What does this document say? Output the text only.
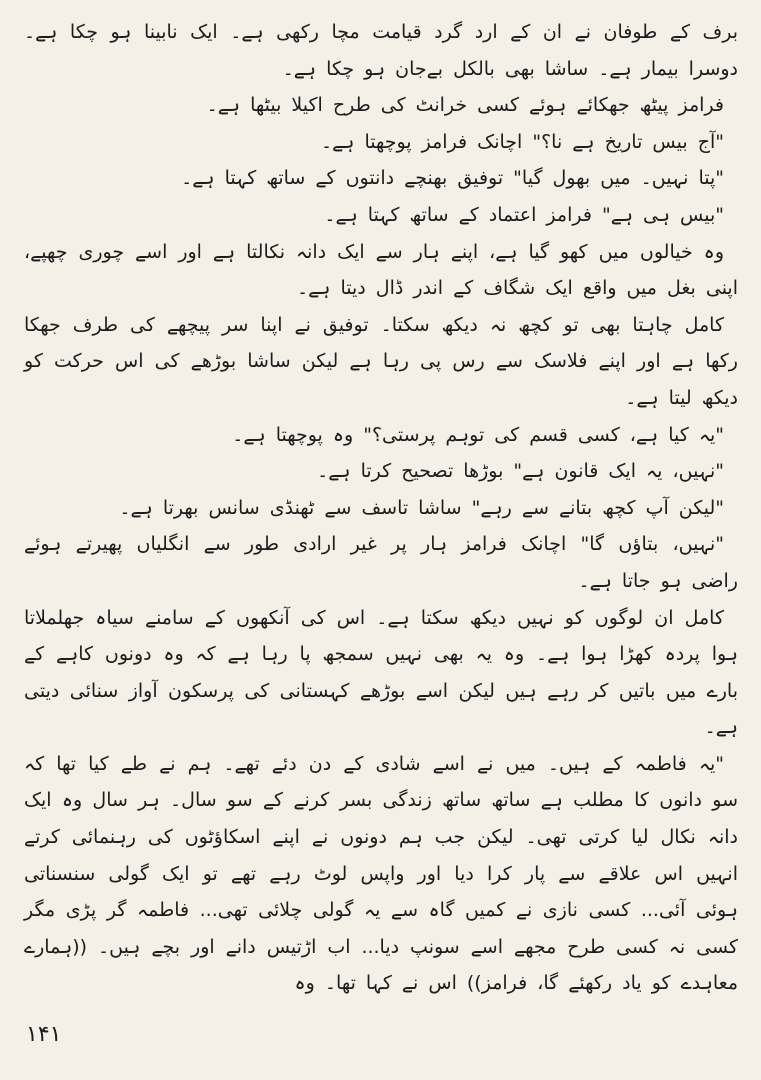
برف کے طوفان نے ان کے ارد گرد قیامت مچا رکھی ہے۔ ایک نابینا ہو چکا ہے۔ دوسرا بیمار ہے۔ ساشا بھی بالکل بےجان ہو چکا ہے۔

فرامز پیٹھ جھکائے ہوئے کسی خرانٹ کی طرح اکیلا بیٹھا ہے۔

"آج بیس تاریخ ہے نا؟" اچانک فرامز پوچھتا ہے۔

"پتا نہیں۔ میں بھول گیا" توفیق بھنچے دانتوں کے ساتھ کہتا ہے۔

"بیس ہی ہے" فرامز اعتماد کے ساتھ کہتا ہے۔

وہ خیالوں میں کھو گیا ہے، اپنے ہار سے ایک دانہ نکالتا ہے اور اسے چوری چھپے، اپنی بغل میں واقع ایک شگاف کے اندر ڈال دیتا ہے۔

کامل چاہتا بھی تو کچھ نہ دیکھ سکتا۔ توفیق نے اپنا سر پیچھے کی طرف جھکا رکھا ہے اور اپنے فلاسک سے رس پی رہا ہے لیکن ساشا بوڑھے کی اس حرکت کو دیکھ لیتا ہے۔

"یہ کیا ہے، کسی قسم کی توہم پرستی؟" وہ پوچھتا ہے۔

"نہیں، یہ ایک قانون ہے" بوڑھا تصحیح کرتا ہے۔

"لیکن آپ کچھ بتانے سے رہے" ساشا تاسف سے ٹھنڈی سانس بھرتا ہے۔

"نہیں، بتاؤں گا" اچانک فرامز ہار پر غیر ارادی طور سے انگلیاں پھیرتے ہوئے راضی ہو جاتا ہے۔

کامل ان لوگوں کو نہیں دیکھ سکتا ہے۔ اس کی آنکھوں کے سامنے سیاہ جھلملاتا ہوا پردہ کھڑا ہوا ہے۔ وہ یہ بھی نہیں سمجھ پا رہا ہے کہ وہ دونوں کاہے کے بارے میں باتیں کر رہے ہیں لیکن اسے بوڑھے کہستانی کی پرسکون آواز سنائی دیتی ہے۔

"یہ فاطمہ کے ہیں۔ میں نے اسے شادی کے دن دئے تھے۔ ہم نے طے کیا تھا کہ سو دانوں کا مطلب ہے ساتھ ساتھ زندگی بسر کرنے کے سو سال۔ ہر سال وہ ایک دانہ نکال لیا کرتی تھی۔ لیکن جب ہم دونوں نے اپنے اسکاؤٹوں کی رہنمائی کرتے انہیں اس علاقے سے پار کرا دیا اور واپس لوٹ رہے تھے تو ایک گولی سنسناتی ہوئی آئی... کسی نازی نے کمیں گاہ سے یہ گولی چلائی تھی... فاطمہ گر پڑی مگر کسی نہ کسی طرح مجھے اسے سونپ دیا... اب اڑتیس دانے اور بچے ہیں۔ ((ہمارے معاہدے کو یاد رکھئے گا، فرامز)) اس نے کہا تھا۔ وہ

۱۴۱
